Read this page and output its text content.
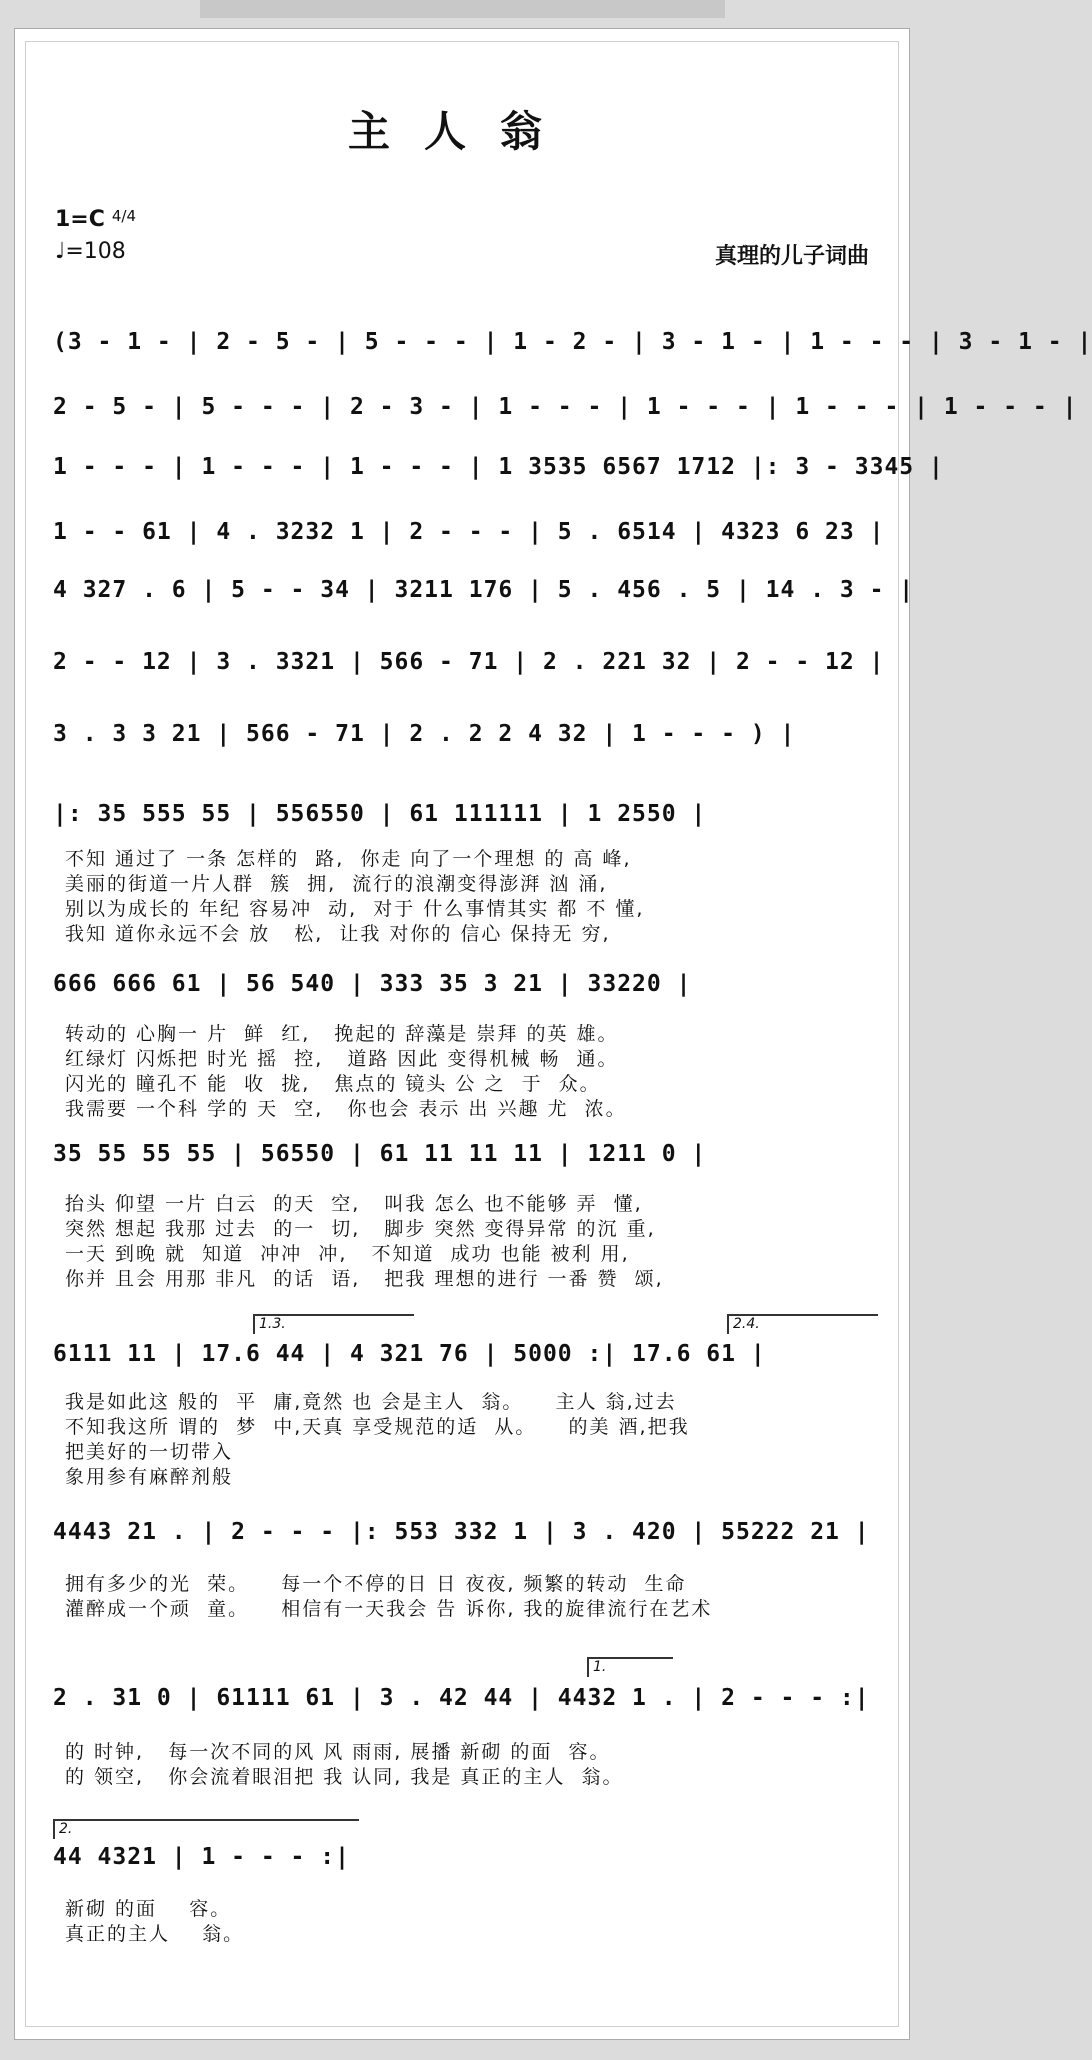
主人翁
1=C $^{4/4}$
♩=108	真理的儿子词曲
(3 - 1 - | 2 - 5 - | 5 - - - | 1 - 2 - | 3 - 1 - | 1 - - - | 3 - 1 - |
2 - 5 - | 5 - - - | 2 - 3 - | 1 - - - | 1 - - - | 1 - - - | 1 - - - |
1 - - - | 1 - - - | 1 - - - | 1 3535 6567 1712 |: 3 - 3345 |
1 - - 61 | 4 . 3232 1 | 2 - - - | 5 . 6514 | 4323 6 23 |
4 327 . 6 | 5 - - 34 | 3211 176 | 5 . 456 . 5 | 14 . 3 - |
2 - - 12 | 3 . 3321 | 566 - 71 | 2 . 221 32 | 2 - - 12 |
3 . 3 3 21 | 566 - 71 | 2 . 2 2 4 32 | 1 - - - ) |
|: 35 555 55 | 556550 | 61 111111 | 1 2550 |
不知 通过了 一条 怎样的  路,  你走 向了一个理想 的 高 峰,
美丽的街道一片人群  簇  拥,  流行的浪潮变得澎湃 汹 涌,
别以为成长的 年纪 容易冲  动,  对于 什么事情其实 都 不 懂,
我知 道你永远不会 放   松,  让我 对你的 信心 保持无 穷,
666 666 61 | 56 540 | 333 35 3 21 | 33220 |
转动的 心胸一 片  鲜  红,   挽起的 辞藻是 崇拜 的英 雄。
红绿灯 闪烁把 时光 摇  控,   道路 因此 变得机械 畅  通。
闪光的 瞳孔不 能  收  拢,   焦点的 镜头 公 之  于  众。
我需要 一个科 学的 天  空,   你也会 表示 出 兴趣 尤  浓。
35 55 55 55 | 56550 | 61 11 11 11 | 1211 0 |
抬头 仰望 一片 白云  的天  空,   叫我 怎么 也不能够 弄  懂,
突然 想起 我那 过去  的一  切,   脚步 突然 变得异常 的沉 重,
一天 到晚 就  知道  冲冲  冲,   不知道  成功 也能 被利 用,
你并 且会 用那 非凡  的话  语,   把我 理想的进行 一番 赞  颂,
1.3.	2.4.
6111 11 | 17.6 44 | 4 321 76 | 5000 :| 17.6 61 |
我是如此这 般的  平  庸,竟然 也 会是主人  翁。    主人 翁,过去
不知我这所 谓的  梦  中,天真 享受规范的适  从。    的美 酒,把我
把美好的一切带入
象用参有麻醉剂般
4443 21 . | 2 - - - |: 553 332 1 | 3 . 420 | 55222 21 |
拥有多少的光  荣。    每一个不停的日 日 夜夜, 频繁的转动  生命
灌醉成一个顽  童。    相信有一天我会 告 诉你, 我的旋律流行在艺术
1.
2 . 31 0 | 61111 61 | 3 . 42 44 | 4432 1 . | 2 - - - :|
的 时钟,   每一次不同的风 风 雨雨, 展播 新砌 的面  容。
的 领空,   你会流着眼泪把 我 认同, 我是 真正的主人  翁。
2.
44 4321 | 1 - - - :|
新砌 的面    容。
真正的主人    翁。
